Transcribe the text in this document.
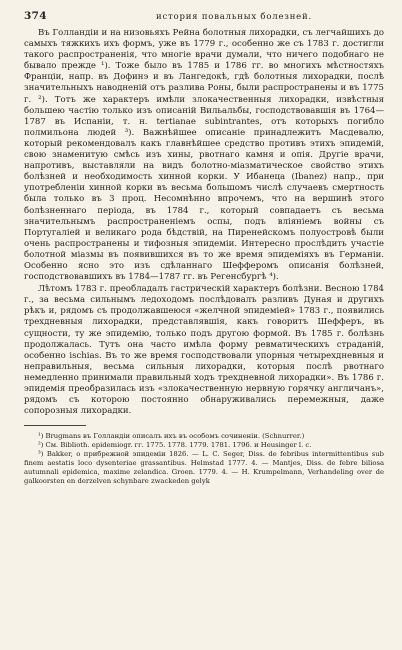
374	история повальных болезней.

Въ Голландіи и на низовьяхъ Рейна болотныя лихорадки, съ легчайшихъ до самыхъ тяжкихъ ихъ формъ, уже въ 1779 г., особенно же съ 1783 г. достигли такого распространенія, что многіе врачи думали, что ничего подобнаго не бывало прежде ¹). Тоже было въ 1785 и 1786 гг. во многихъ мѣстностяхъ Франціи, напр. въ Дофинэ и въ Лангедокѣ, гдѣ болотныя лихорадки, послѣ значительныхъ наводненій отъ разлива Роны, были распространены и въ 1775 г. ²). Тотъ же характеръ имѣли злокачественныя лихорадки, извѣстныя большею частію только изъ описаній Вильальбы, господствовавшія въ 1764—1787 въ Испаніи, т. н. tertianae subintrantes, отъ которыхъ погибло полмильона людей ³). Важнѣйшее описаніе принадлежитъ Масдевалю, который рекомендовалъ какъ главнѣйшее средство противъ этихъ эпидемій, свою знаменитую смѣсь изъ хины, рвотнаго камня и опія. Другіе врачи, напротивъ, выставляли на видъ болотно-міазматическое свойство этихъ болѣзней и необходимость хинной корки. У Ибанеца (Ibanez) напр., при употребленіи хинной корки въ весьма большомъ числѣ случаевъ смертность была только въ 3 проц. Несомнѣнно впрочемъ, что на вершинѣ этого болѣзненнаго періода, въ 1784 г., который совпадаетъ съ весьма значительнымъ распространеніемъ оспы, подъ вліяніемъ войны съ Португаліей и великаго рода бѣдствій, на Пиренейскомъ полуостровѣ были очень распространены и тифозныя эпидеміи. Интересно прослѣдить участіе болотной міазмы въ появившихся въ то же время эпидеміяхъ въ Германіи. Особенно ясно это изъ сдѣланнаго Шефферомъ описанія болѣзней, господствовавшихъ въ 1784—1787 гг. въ Регенсбургѣ ⁴).

Лѣтомъ 1783 г. преобладалъ гастрическій характеръ болѣзни. Весною 1784 г., за весьма сильнымъ ледоходомъ послѣдовалъ разливъ Дуная и другихъ рѣкъ и, рядомъ съ продолжавшеюся «желчной эпидеміей» 1783 г., появились трехдневныя лихорадки, представлявшія, какъ говоритъ Шефферъ, въ сущности, ту же эпидемію, только подъ другою формой. Въ 1785 г. болѣзнь продолжалась. Тутъ она часто имѣла форму ревматическихъ страданій, особенно ischias. Въ то же время господствовали упорныя четырехдневныя и неправильныя, весьма сильныя лихорадки, которыя послѣ рвотнаго немедленно принимали правильный ходъ трехдневной лихорадки». Въ 1786 г. эпидемія преобразилась изъ «злокачественную нервную горячку англичанъ», рядомъ съ которою постоянно обнаруживались перемежныя, даже сопорозныя лихорадки.

¹) Brugmans въ Голландіи описалъ ихъ въ особомъ сочиненіи. (Schnurrer.)

²) См. Biblioth. epidemiogr. гг. 1775. 1778. 1779. 1781. 1796. и Heusinger l. c.

³) Bakker, о прибрежной эпидеміи 1826. — L. C. Seger, Diss. de febribus intermittentibus sub finem aestatis loco dysenteriae grassantibus. Helmstad 1777. 4. — Mantjes, Diss. de febre biliosa autumnali epidemica, maxime zelandica. Groen. 1779. 4. — H. Krumpelmann, Verhandeling over de galkoorsten en derzelven schynbare zwackeden gelyk
